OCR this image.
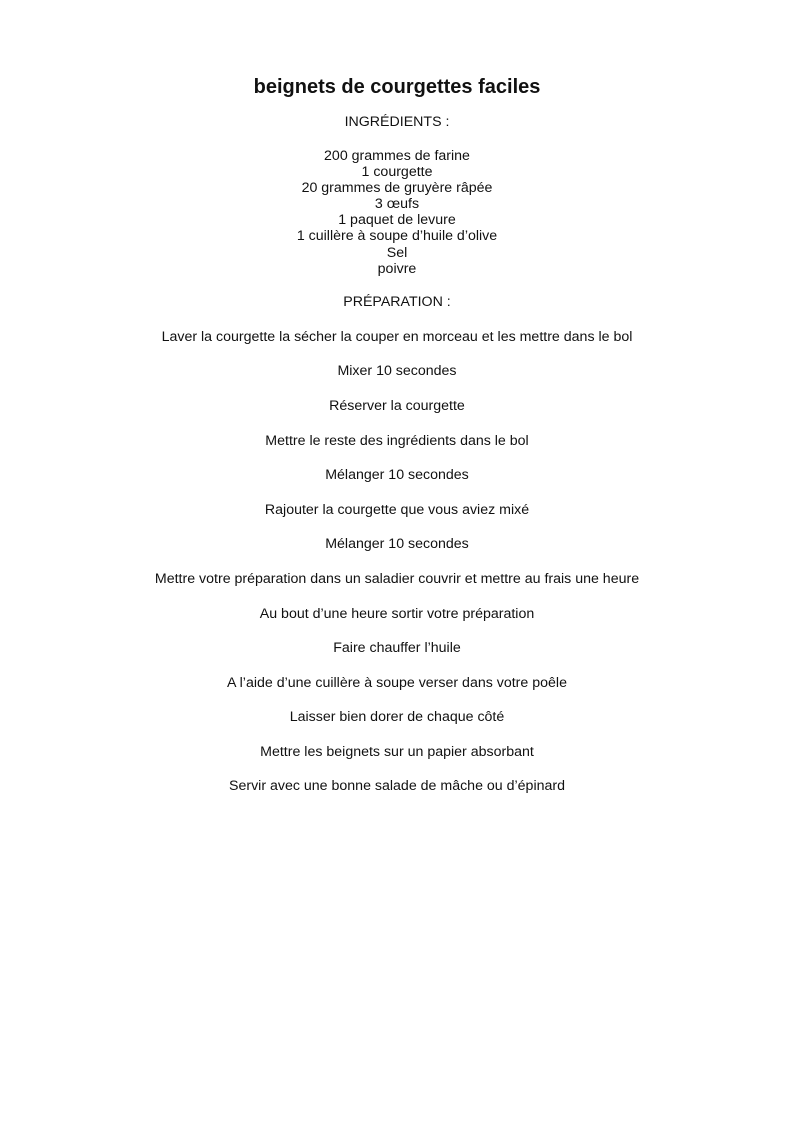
beignets de courgettes faciles
INGRÉDIENTS :
200 grammes de farine
1 courgette
20 grammes de gruyère râpée
3 œufs
1 paquet de levure
1 cuillère à soupe d’huile d’olive
Sel
poivre
PRÉPARATION :
Laver la courgette la sécher la couper en morceau et les mettre dans le bol
Mixer 10 secondes
Réserver la courgette
Mettre le reste des ingrédients dans le bol
Mélanger 10 secondes
Rajouter la courgette que vous aviez mixé
Mélanger 10 secondes
Mettre votre préparation dans un saladier couvrir et mettre au frais une heure
Au bout d’une heure sortir votre préparation
Faire chauffer l’huile
A l’aide d’une cuillère à soupe verser dans votre poêle
Laisser bien dorer de chaque côté
Mettre les beignets sur un papier absorbant
Servir avec une bonne salade de mâche ou d’épinard
